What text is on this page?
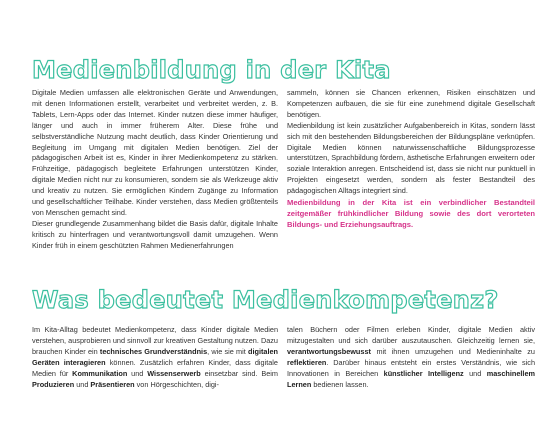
Medienbildung in der Kita

Digitale Medien umfassen alle elektronischen Geräte und Anwendungen, mit denen Informationen erstellt, verarbeitet und verbreitet werden, z. B. Tablets, Lern-Apps oder das Internet. Kinder nutzen diese immer häufiger, länger und auch in immer früherem Alter. Diese frühe und selbstverständliche Nutzung macht deutlich, dass Kinder Orientierung und Begleitung im Umgang mit digitalen Medien benötigen. Ziel der pädagogischen Arbeit ist es, Kinder in ihrer Medienkompetenz zu stärken. Frühzeitige, pädagogisch begleitete Erfahrungen unterstützen Kinder, digitale Medien nicht nur zu konsumieren, sondern sie als Werkzeuge aktiv und kreativ zu nutzen. Sie ermöglichen Kindern Zugänge zu Information und gesellschaftlicher Teilhabe. Kinder verstehen, dass Medien größtenteils von Menschen gemacht sind.

Dieser grundlegende Zusammenhang bildet die Basis dafür, digitale Inhalte kritisch zu hinterfragen und verantwortungsvoll damit umzugehen. Wenn Kinder früh in einem geschützten Rahmen Medienerfahrungen

sammeln, können sie Chancen erkennen, Risiken einschätzen und Kompetenzen aufbauen, die sie für eine zunehmend digitale Gesellschaft benötigen.

Medienbildung ist kein zusätzlicher Aufgabenbereich in Kitas, sondern lässt sich mit den bestehenden Bildungsbereichen der Bildungspläne verknüpfen. Digitale Medien können naturwissenschaftliche Bildungsprozesse unterstützen, Sprachbildung fördern, ästhetische Erfahrungen erweitern oder soziale Interaktion anregen. Entscheidend ist, dass sie nicht nur punktuell in Projekten eingesetzt werden, sondern als fester Bestandteil des pädagogischen Alltags integriert sind.

Medienbildung in der Kita ist ein verbindlicher Bestandteil zeitgemäßer frühkindlicher Bildung sowie des dort verorteten Bildungs- und Erziehungsauftrags.

Was bedeutet Medienkompetenz?

Im Kita-Alltag bedeutet Medienkompetenz, dass Kinder digitale Medien verstehen, ausprobieren und sinnvoll zur kreativen Gestaltung nutzen. Dazu brauchen Kinder ein technisches Grundverständnis, wie sie mit digitalen Geräten interagieren können. Zusätzlich erfahren Kinder, dass digitale Medien für Kommunikation und Wissenserwerb einsetzbar sind. Beim Produzieren und Präsentieren von Hörgeschichten, digi-

talen Büchern oder Filmen erleben Kinder, digitale Medien aktiv mitzugestalten und sich darüber auszutauschen. Gleichzeitig lernen sie, verantwortungsbewusst mit ihnen umzugehen und Medieninhalte zu reflektieren. Darüber hinaus entsteht ein erstes Verständnis, wie sich Innovationen in Bereichen künstlicher Intelligenz und maschinellem Lernen bedienen lassen.
